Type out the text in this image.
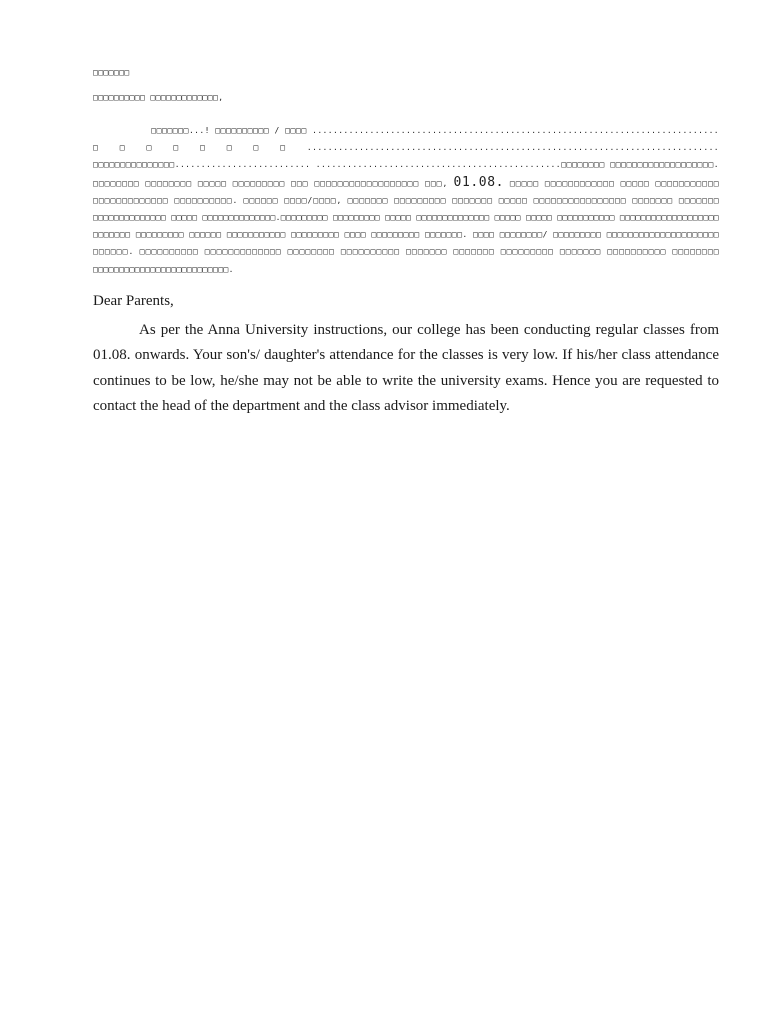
□□□□□□□
□□□□□□□□□□ □□□□□□□□□□□□□,
□□□□□□□...! □□□□□□□□□□ / □□□□ .............................................................................. □□□□□□□□............................................................................... □□□□□□□□□□□□□□□.......................... ...............................................□□□□□□□□ □□□□□□□□□□□□□□□□□□□. □□□□□□□□ □□□□□□□□ □□□□□ □□□□□□□□□ □□□ □□□□□□□□□□□□□□□□□□ □□□, 01.08. □□□□□ □□□□□□□□□□□□ □□□□□ □□□□□□□□□□□ □□□□□□□□□□□□□ □□□□□□□□□□. □□□□□□ □□□□/□□□□, □□□□□□□ □□□□□□□□□ □□□□□□□ □□□□□ □□□□□□□□□□□□□□□□ □□□□□□□ □□□□□□□ □□□□□□□□□□□□□□ □□□□□ □□□□□□□□□□□□□□.□□□□□□□□□ □□□□□□□□□ □□□□□ □□□□□□□□□□□□□□ □□□□□ □□□□□ □□□□□□□□□□□ □□□□□□□□□□□□□□□□□□□ □□□□□□□ □□□□□□□□□ □□□□□□ □□□□□□□□□□□ □□□□□□□□□ □□□□ □□□□□□□□□ □□□□□□□. □□□□ □□□□□□□□/ □□□□□□□□□ □□□□□□□□□□□□□□□□□□□□□ □□□□□□. □□□□□□□□□□ □□□□□□□□□□□□□ □□□□□□□□ □□□□□□□□□□ □□□□□□□ □□□□□□□ □□□□□□□□□ □□□□□□□ □□□□□□□□□□ □□□□□□□□ □□□□□□□□□□□□□□□□□□□□□□□□□□.

Dear Parents,

As per the Anna University instructions, our college has been conducting regular classes from 01.08. onwards. Your son's/ daughter's attendance for the classes is very low. If his/her class attendance continues to be low, he/she may not be able to write the university exams. Hence you are requested to contact the head of the department and the class advisor immediately.
